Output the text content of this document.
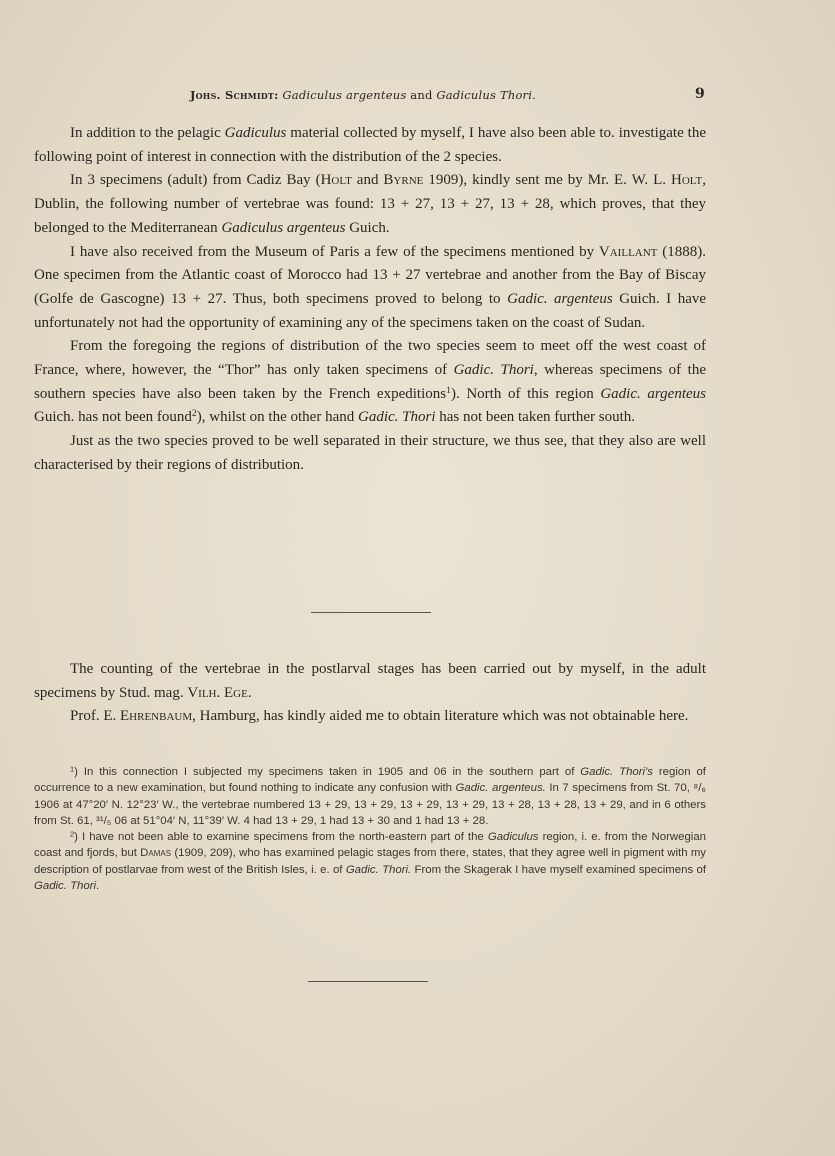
Johs. Schmidt: Gadiculus argenteus and Gadiculus Thori.	9

In addition to the pelagic Gadiculus material collected by myself, I have also been able to. investigate the following point of interest in connection with the distribution of the 2 species.

In 3 specimens (adult) from Cadiz Bay (Holt and Byrne 1909), kindly sent me by Mr. E. W. L. Holt, Dublin, the following number of vertebrae was found: 13 + 27, 13 + 27, 13 + 28, which proves, that they belonged to the Mediterranean Gadiculus argenteus Guich.

I have also received from the Museum of Paris a few of the specimens mentioned by Vaillant (1888). One specimen from the Atlantic coast of Morocco had 13 + 27 vertebrae and another from the Bay of Biscay (Golfe de Gascogne) 13 + 27. Thus, both specimens proved to belong to Gadic. argenteus Guich. I have unfortunately not had the opportunity of examining any of the specimens taken on the coast of Sudan.

From the foregoing the regions of distribution of the two species seem to meet off the west coast of France, where, however, the “Thor” has only taken specimens of Gadic. Thori, whereas specimens of the southern species have also been taken by the French expeditions$^1$). North of this region Gadic. argenteus Guich. has not been found$^2$), whilst on the other hand Gadic. Thori has not been taken further south.

Just as the two species proved to be well separated in their structure, we thus see, that they also are well characterised by their regions of distribution.

The counting of the vertebrae in the postlarval stages has been carried out by myself, in the adult specimens by Stud. mag. Vilh. Ege.

Prof. E. Ehrenbaum, Hamburg, has kindly aided me to obtain literature which was not obtainable here.

$^1$) In this connection I subjected my specimens taken in 1905 and 06 in the southern part of Gadic. Thori's region of occurrence to a new examination, but found nothing to indicate any confusion with Gadic. argenteus. In 7 specimens from St. 70, ⁸/₆ 1906 at 47°20′ N. 12°23′ W., the vertebrae numbered 13 + 29, 13 + 29, 13 + 29, 13 + 29, 13 + 28, 13 + 28, 13 + 29, and in 6 others from St. 61, ³¹/₅ 06 at 51°04′ N, 11°39′ W. 4 had 13 + 29, 1 had 13 + 30 and 1 had 13 + 28.

$^2$) I have not been able to examine specimens from the north-eastern part of the Gadiculus region, i. e. from the Norwegian coast and fjords, but Damas (1909, 209), who has examined pelagic stages from there, states, that they agree well in pigment with my description of postlarvae from west of the British Isles, i. e. of Gadic. Thori. From the Skagerak I have myself examined specimens of Gadic. Thori.
